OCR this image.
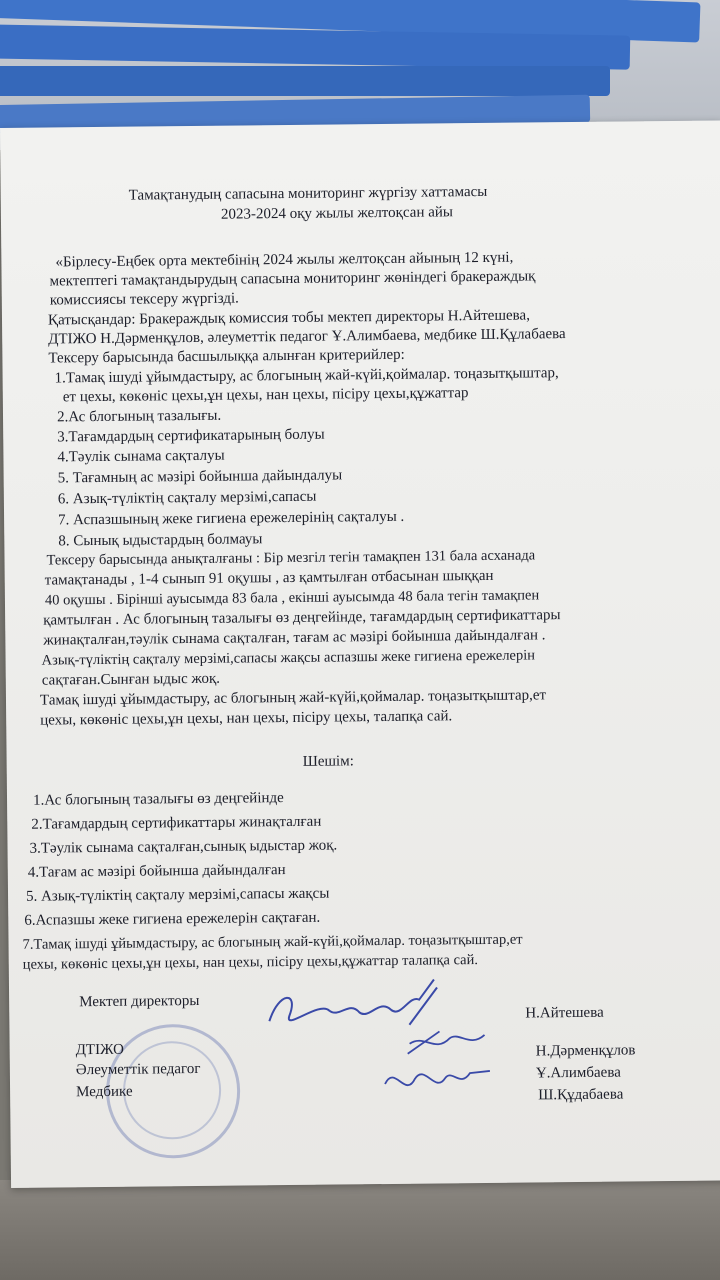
Тамақтанудың сапасына мониторинг жүргізу хаттамасы
2023-2024 оқу жылы желтоқсан айы
«Бірлесу-Еңбек орта мектебінің 2024 жылы желтоқсан айының 12 күні,
мектептегі тамақтандырудың сапасына мониторинг жөніндегі бракераждық
комиссиясы тексеру жүргізді.
Қатысқандар: Бракераждық комиссия тобы мектеп директоры Н.Айтешева,
ДТІЖО Н.Дәрменқұлов, әлеуметтік педагог Ұ.Алимбаева, медбике Ш.Құлабаева
Тексеру барысында басшылыққа алынған критерийлер:
1.Тамақ ішуді ұйымдастыру, ас блогының жай-күйі,қоймалар. тоңазытқыштар,
ет цехы, көкөніс цехы,ұн цехы, нан цехы, пісіру цехы,құжаттар
2.Ас блогының тазалығы.
3.Тағамдардың сертификатарының болуы
4.Тәулік сынама сақталуы
5. Тағамның ас мәзірі бойынша дайындалуы
6. Азық-түліктің сақталу мерзімі,сапасы
7. Аспазшының жеке гигиена ережелерінің сақталуы .
8. Сынық ыдыстардың болмауы
Тексеру барысында анықталғаны : Бір мезгіл тегін тамақпен 131 бала асханада
тамақтанады , 1-4 сынып 91 оқушы , аз қамтылған отбасынан шыққан
40 оқушы . Бірінші ауысымда 83 бала , екінші ауысымда 48 бала тегін тамақпен
қамтылған . Ас блогының тазалығы өз деңгейінде, тағамдардың сертификаттары
жинақталған,тәулік сынама сақталған, тағам ас мәзірі бойынша дайындалған .
Азық-түліктің сақталу мерзімі,сапасы жақсы аспазшы жеке гигиена ережелерін
сақтаған.Сынған ыдыс жоқ.
Тамақ ішуді ұйымдастыру, ас блогының жай-күйі,қоймалар. тоңазытқыштар,ет
цехы, көкөніс цехы,ұн цехы, нан цехы, пісіру цехы, талапқа сай.
Шешім:
1.Ас блогының тазалығы өз деңгейінде
2.Тағамдардың сертификаттары жинақталған
3.Тәулік сынама сақталған,сынық ыдыстар жоқ.
4.Тағам ас мәзірі бойынша дайындалған
5. Азық-түліктің сақталу мерзімі,сапасы жақсы
6.Аспазшы жеке гигиена ережелерін сақтаған.
7.Тамақ ішуді ұйымдастыру, ас блогының жай-күйі,қоймалар. тоңазытқыштар,ет
цехы, көкөніс цехы,ұн цехы, нан цехы, пісіру цехы,құжаттар талапқа сай.
Мектеп директоры
Н.Айтешева
ДТІЖО
Әлеуметтік педагог
Медбике
Н.Дәрменқұлов
Ұ.Алимбаева
Ш.Құдабаева
